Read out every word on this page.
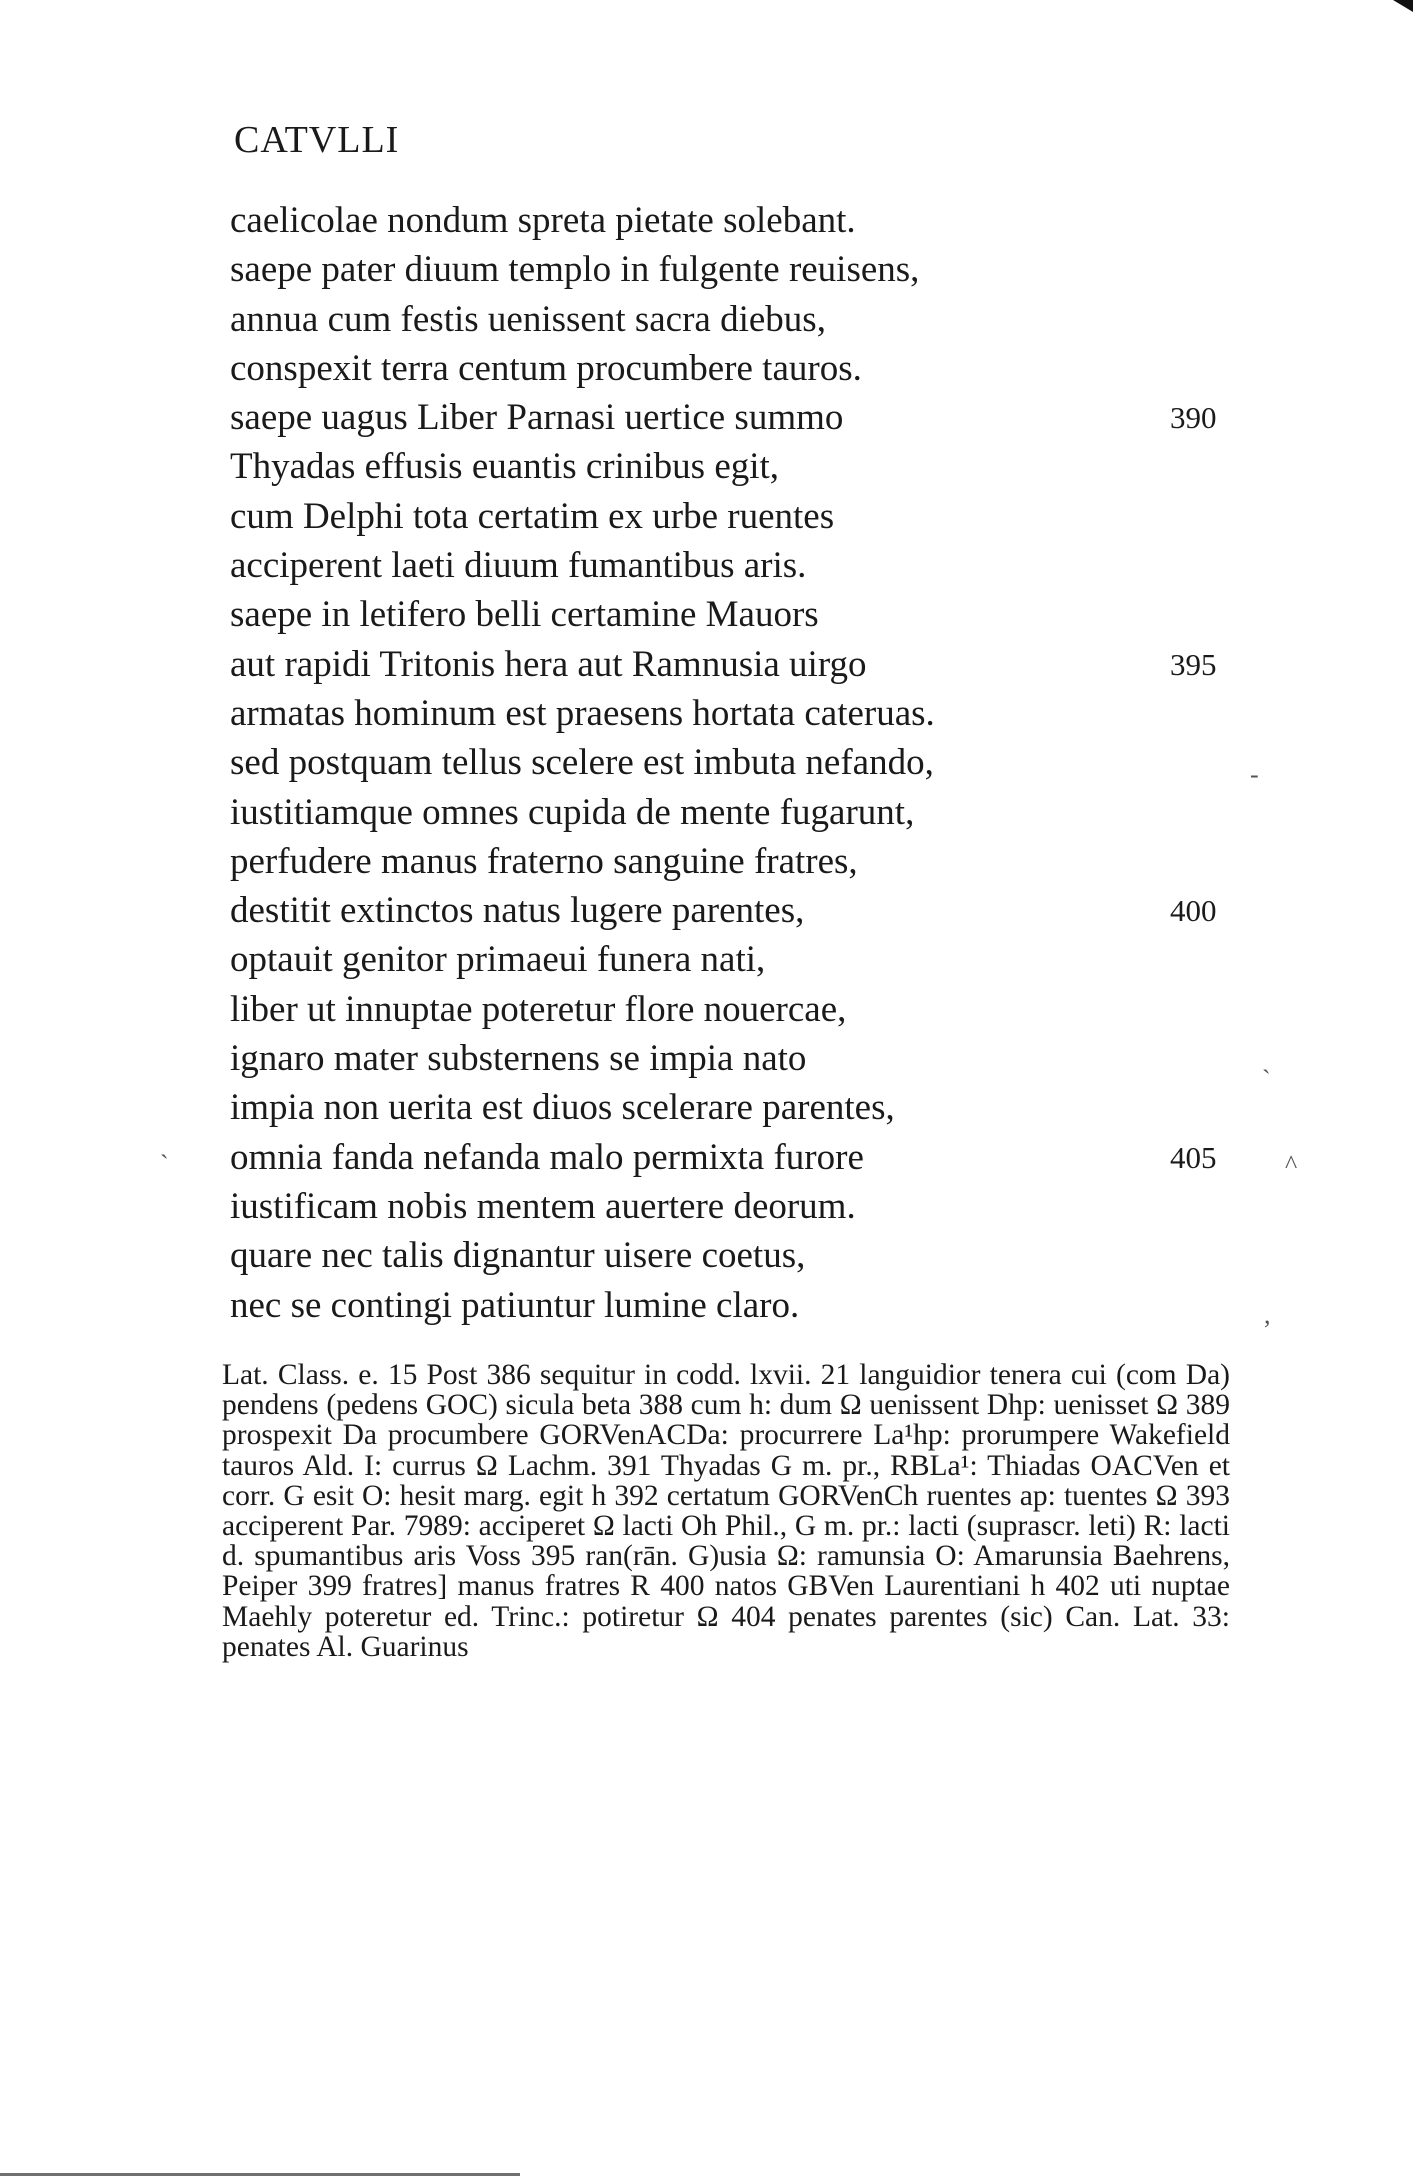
CATVLLI
caelicolae nondum spreta pietate solebant.
saepe pater diuum templo in fulgente reuisens,
annua cum festis uenissent sacra diebus,
conspexit terra centum procumbere tauros.
saepe uagus Liber Parnasi uertice summo	390
Thyadas effusis euantis crinibus egit,
cum Delphi tota certatim ex urbe ruentes
acciperent laeti diuum fumantibus aris.
saepe in letifero belli certamine Mauors
aut rapidi Tritonis hera aut Ramnusia uirgo	395
armatas hominum est praesens hortata cateruas.
sed postquam tellus scelere est imbuta nefando,
iustitiamque omnes cupida de mente fugarunt,
perfudere manus fraterno sanguine fratres,
destitit extinctos natus lugere parentes,	400
optauit genitor primaeui funera nati,
liber ut innuptae poteretur flore nouercae,
ignaro mater substernens se impia nato
impia non uerita est diuos scelerare parentes,
omnia fanda nefanda malo permixta furore	405
iustificam nobis mentem auertere deorum.
quare nec talis dignantur uisere coetus,
nec se contingi patiuntur lumine claro.
Lat. Class. e. 15 Post 386 sequitur in codd. lxvii. 21 languidior tenera cui (com Da) pendens (pedens GOC) sicula beta 388 cum h: dum Ω uenissent Dhp: uenisset Ω 389 prospexit Da procumbere GORVenACDa: procurrere La¹hp: prorumpere Wakefield tauros Ald. I: currus Ω Lachm. 391 Thyadas G m. pr., RBLa¹: Thiadas OACVen et corr. G esit O: hesit marg. egit h 392 certatum GORVenCh ruentes ap: tuentes Ω 393 acciperent Par. 7989: acciperet Ω lacti Oh Phil., G m. pr.: lacti (suprascr. leti) R: lacti d. spumantibus aris Voss 395 ran(rān. G)usia Ω: ramunsia O: Amarunsia Baehrens, Peiper 399 fratres] manus fratres R 400 natos GBVen Laurentiani h 402 uti nuptae Maehly poteretur ed. Trinc.: potiretur Ω 404 penates parentes (sic) Can. Lat. 33: penates Al. Guarinus
-
`
^
`
,
